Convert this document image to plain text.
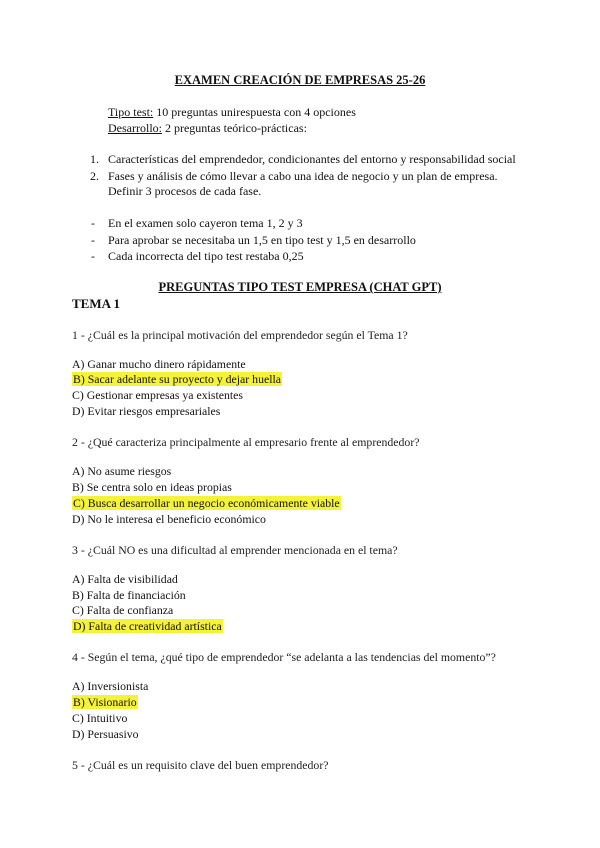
EXAMEN CREACIÓN DE EMPRESAS 25-26
Tipo test: 10 preguntas unirespuesta con 4 opciones
Desarrollo: 2 preguntas teórico-prácticas:
1. Características del emprendedor, condicionantes del entorno y responsabilidad social
2. Fases y análisis de cómo llevar a cabo una idea de negocio y un plan de empresa.
Definir 3 procesos de cada fase.
- En el examen solo cayeron tema 1, 2 y 3
- Para aprobar se necesitaba un 1,5 en tipo test y 1,5 en desarrollo
- Cada incorrecta del tipo test restaba 0,25
PREGUNTAS TIPO TEST EMPRESA (CHAT GPT)
TEMA 1
1 - ¿Cuál es la principal motivación del emprendedor según el Tema 1?
A) Ganar mucho dinero rápidamente
B) Sacar adelante su proyecto y dejar huella
C) Gestionar empresas ya existentes
D) Evitar riesgos empresariales
2 - ¿Qué caracteriza principalmente al empresario frente al emprendedor?
A) No asume riesgos
B) Se centra solo en ideas propias
C) Busca desarrollar un negocio económicamente viable
D) No le interesa el beneficio económico
3 - ¿Cuál NO es una dificultad al emprender mencionada en el tema?
A) Falta de visibilidad
B) Falta de financiación
C) Falta de confianza
D) Falta de creatividad artística
4 - Según el tema, ¿qué tipo de emprendedor “se adelanta a las tendencias del momento”?
A) Inversionista
B) Visionario
C) Intuitivo
D) Persuasivo
5 - ¿Cuál es un requisito clave del buen emprendedor?
